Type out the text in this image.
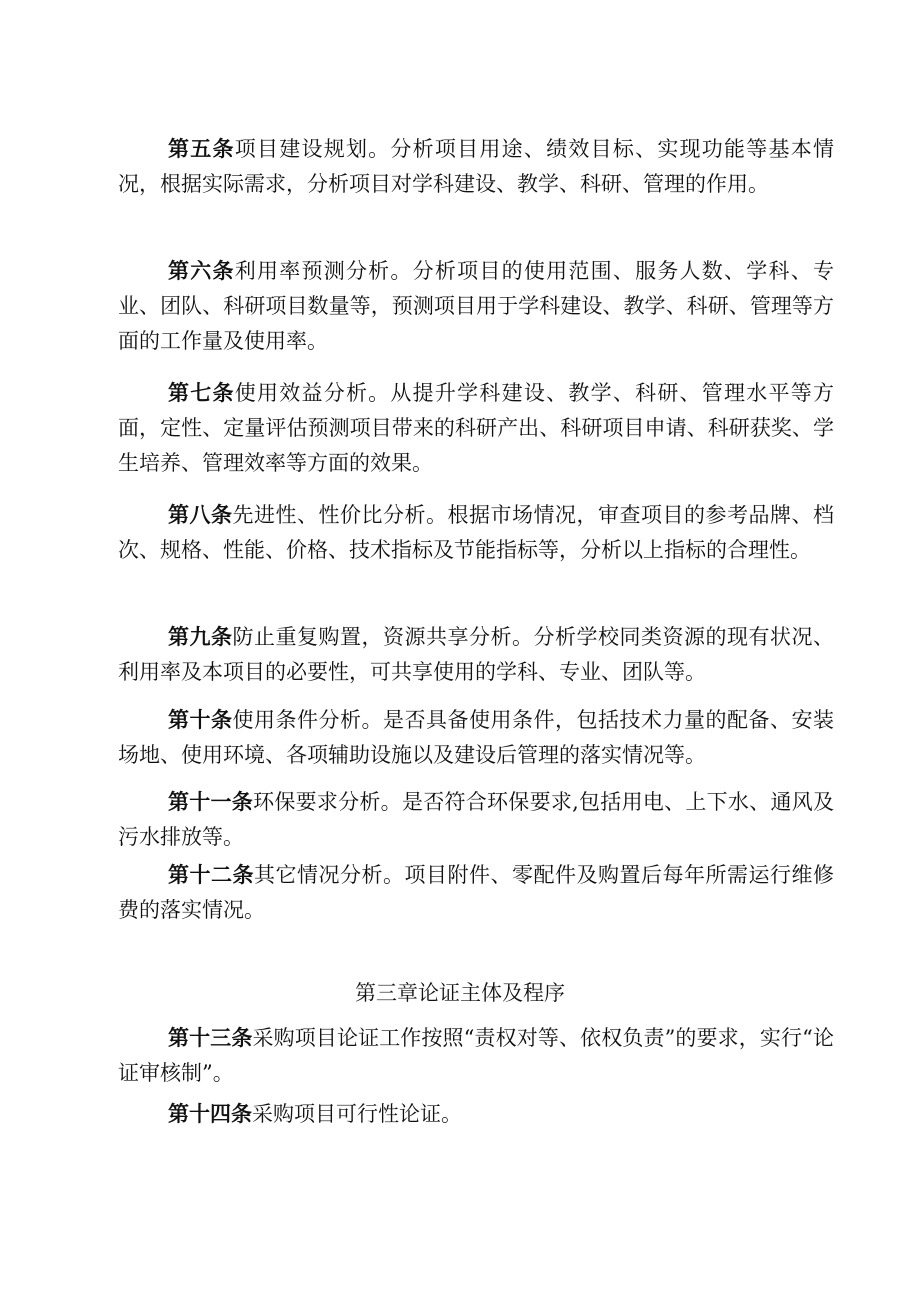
第五条项目建设规划。分析项目用途、绩效目标、实现功能等基本情况，根据实际需求，分析项目对学科建设、教学、科研、管理的作用。

第六条利用率预测分析。分析项目的使用范围、服务人数、学科、专业、团队、科研项目数量等，预测项目用于学科建设、教学、科研、管理等方面的工作量及使用率。

第七条使用效益分析。从提升学科建设、教学、科研、管理水平等方面，定性、定量评估预测项目带来的科研产出、科研项目申请、科研获奖、学生培养、管理效率等方面的效果。

第八条先进性、性价比分析。根据市场情况，审查项目的参考品牌、档次、规格、性能、价格、技术指标及节能指标等，分析以上指标的合理性。

第九条防止重复购置，资源共享分析。分析学校同类资源的现有状况、利用率及本项目的必要性，可共享使用的学科、专业、团队等。

第十条使用条件分析。是否具备使用条件，包括技术力量的配备、安装场地、使用环境、各项辅助设施以及建设后管理的落实情况等。

第十一条环保要求分析。是否符合环保要求,包括用电、上下水、通风及污水排放等。

第十二条其它情况分析。项目附件、零配件及购置后每年所需运行维修费的落实情况。

第三章论证主体及程序

第十三条采购项目论证工作按照“责权对等、依权负责”的要求，实行“论证审核制”。

第十四条采购项目可行性论证。
